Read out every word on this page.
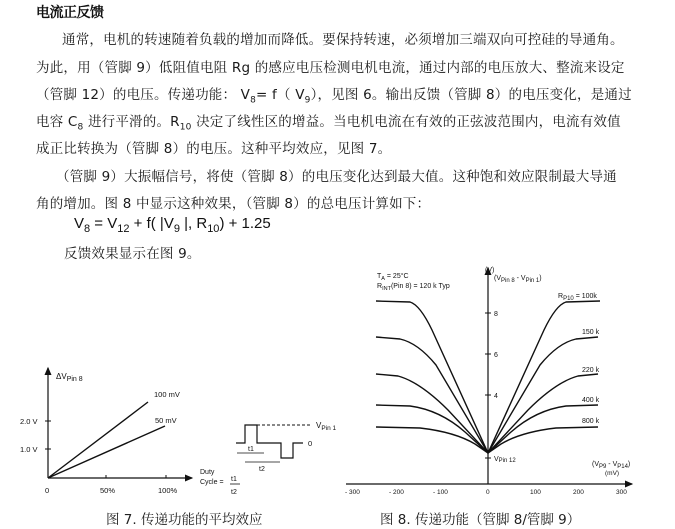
电流正反馈
通常，电机的转速随着负载的增加而降低。要保持转速，必须增加三端双向可控硅的导通角。
为此，用（管脚 9）低阻值电阻 Rg 的感应电压检测电机电流，通过内部的电压放大、整流来设定
（管脚 12）的电压。传递功能： $V_8= f$（ $V_9$），见图 6。输出反馈（管脚 8）的电压变化，是通过
电容 $C_8$ 进行平滑的。$R_{10}$ 决定了线性区的增益。当电机电流在有效的正弦波范围内，电流有效值
成正比转换为（管脚 8）的电压。这种平均效应，见图 7。
（管脚 9）大振幅信号，将使（管脚 8）的电压变化达到最大值。这种饱和效应限制最大导通
角的增加。图 8 中显示这种效果，（管脚 8）的总电压计算如下：
$V_8 = V_{12} + f$( $|V_9$ |, $R_{10}) + 1.25$
反馈效果显示在图 9。
ΔVPin 8
2.0 V
1.0 V
0	50%	100%
100 mV
50 mV
Duty
Cycle = t1
t2
t1
t2
0
$V_{Pin 1}$
$T_A = 25^\circ C$
$R_{INT}(Pin$ 8) = 120 k Typ
(V)
(VPin 8 - VPin 1)
8
6
4
VPin 12
RP10 = 100k
150 k
220 k
400 k
800 k
(VP9 - VP14)
(mV)
- 300	- 200	- 100	0	100	200	300
图 7. 传递功能的平均效应	图 8. 传递功能（管脚 8/管脚 9）
